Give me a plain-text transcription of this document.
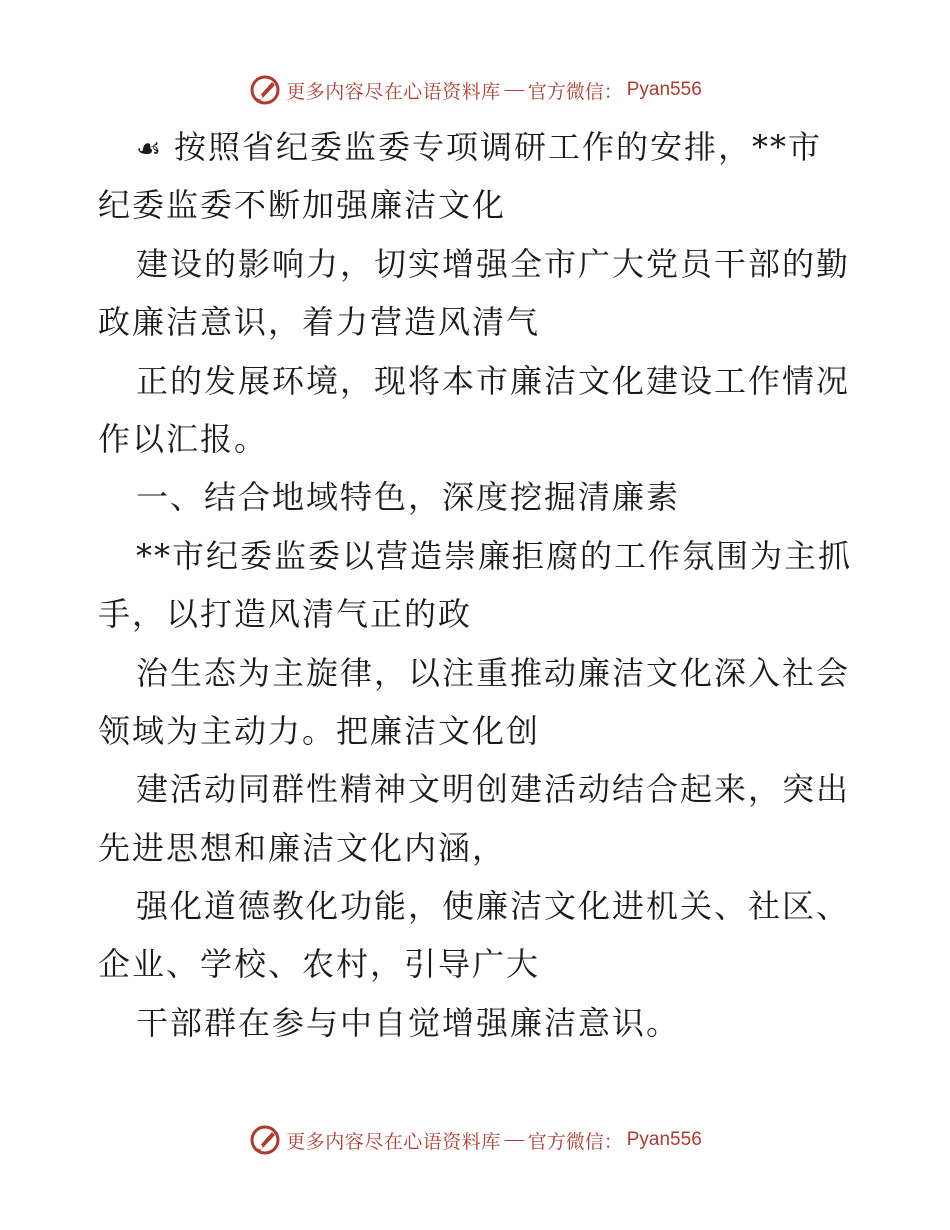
更多内容尽在心语资料库 — 官方微信： Pyan556
☙ 按照省纪委监委专项调研工作的安排，**市
纪委监委不断加强廉洁文化
建设的影响力，切实增强全市广大党员干部的勤
政廉洁意识，着力营造风清气
正的发展环境，现将本市廉洁文化建设工作情况
作以汇报。
一、结合地域特色，深度挖掘清廉素
**市纪委监委以营造崇廉拒腐的工作氛围为主抓
手，以打造风清气正的政
治生态为主旋律，以注重推动廉洁文化深入社会
领域为主动力。把廉洁文化创
建活动同群性精神文明创建活动结合起来，突出
先进思想和廉洁文化内涵，
强化道德教化功能，使廉洁文化进机关、社区、
企业、学校、农村，引导广大
干部群在参与中自觉增强廉洁意识。
更多内容尽在心语资料库 — 官方微信： Pyan556
